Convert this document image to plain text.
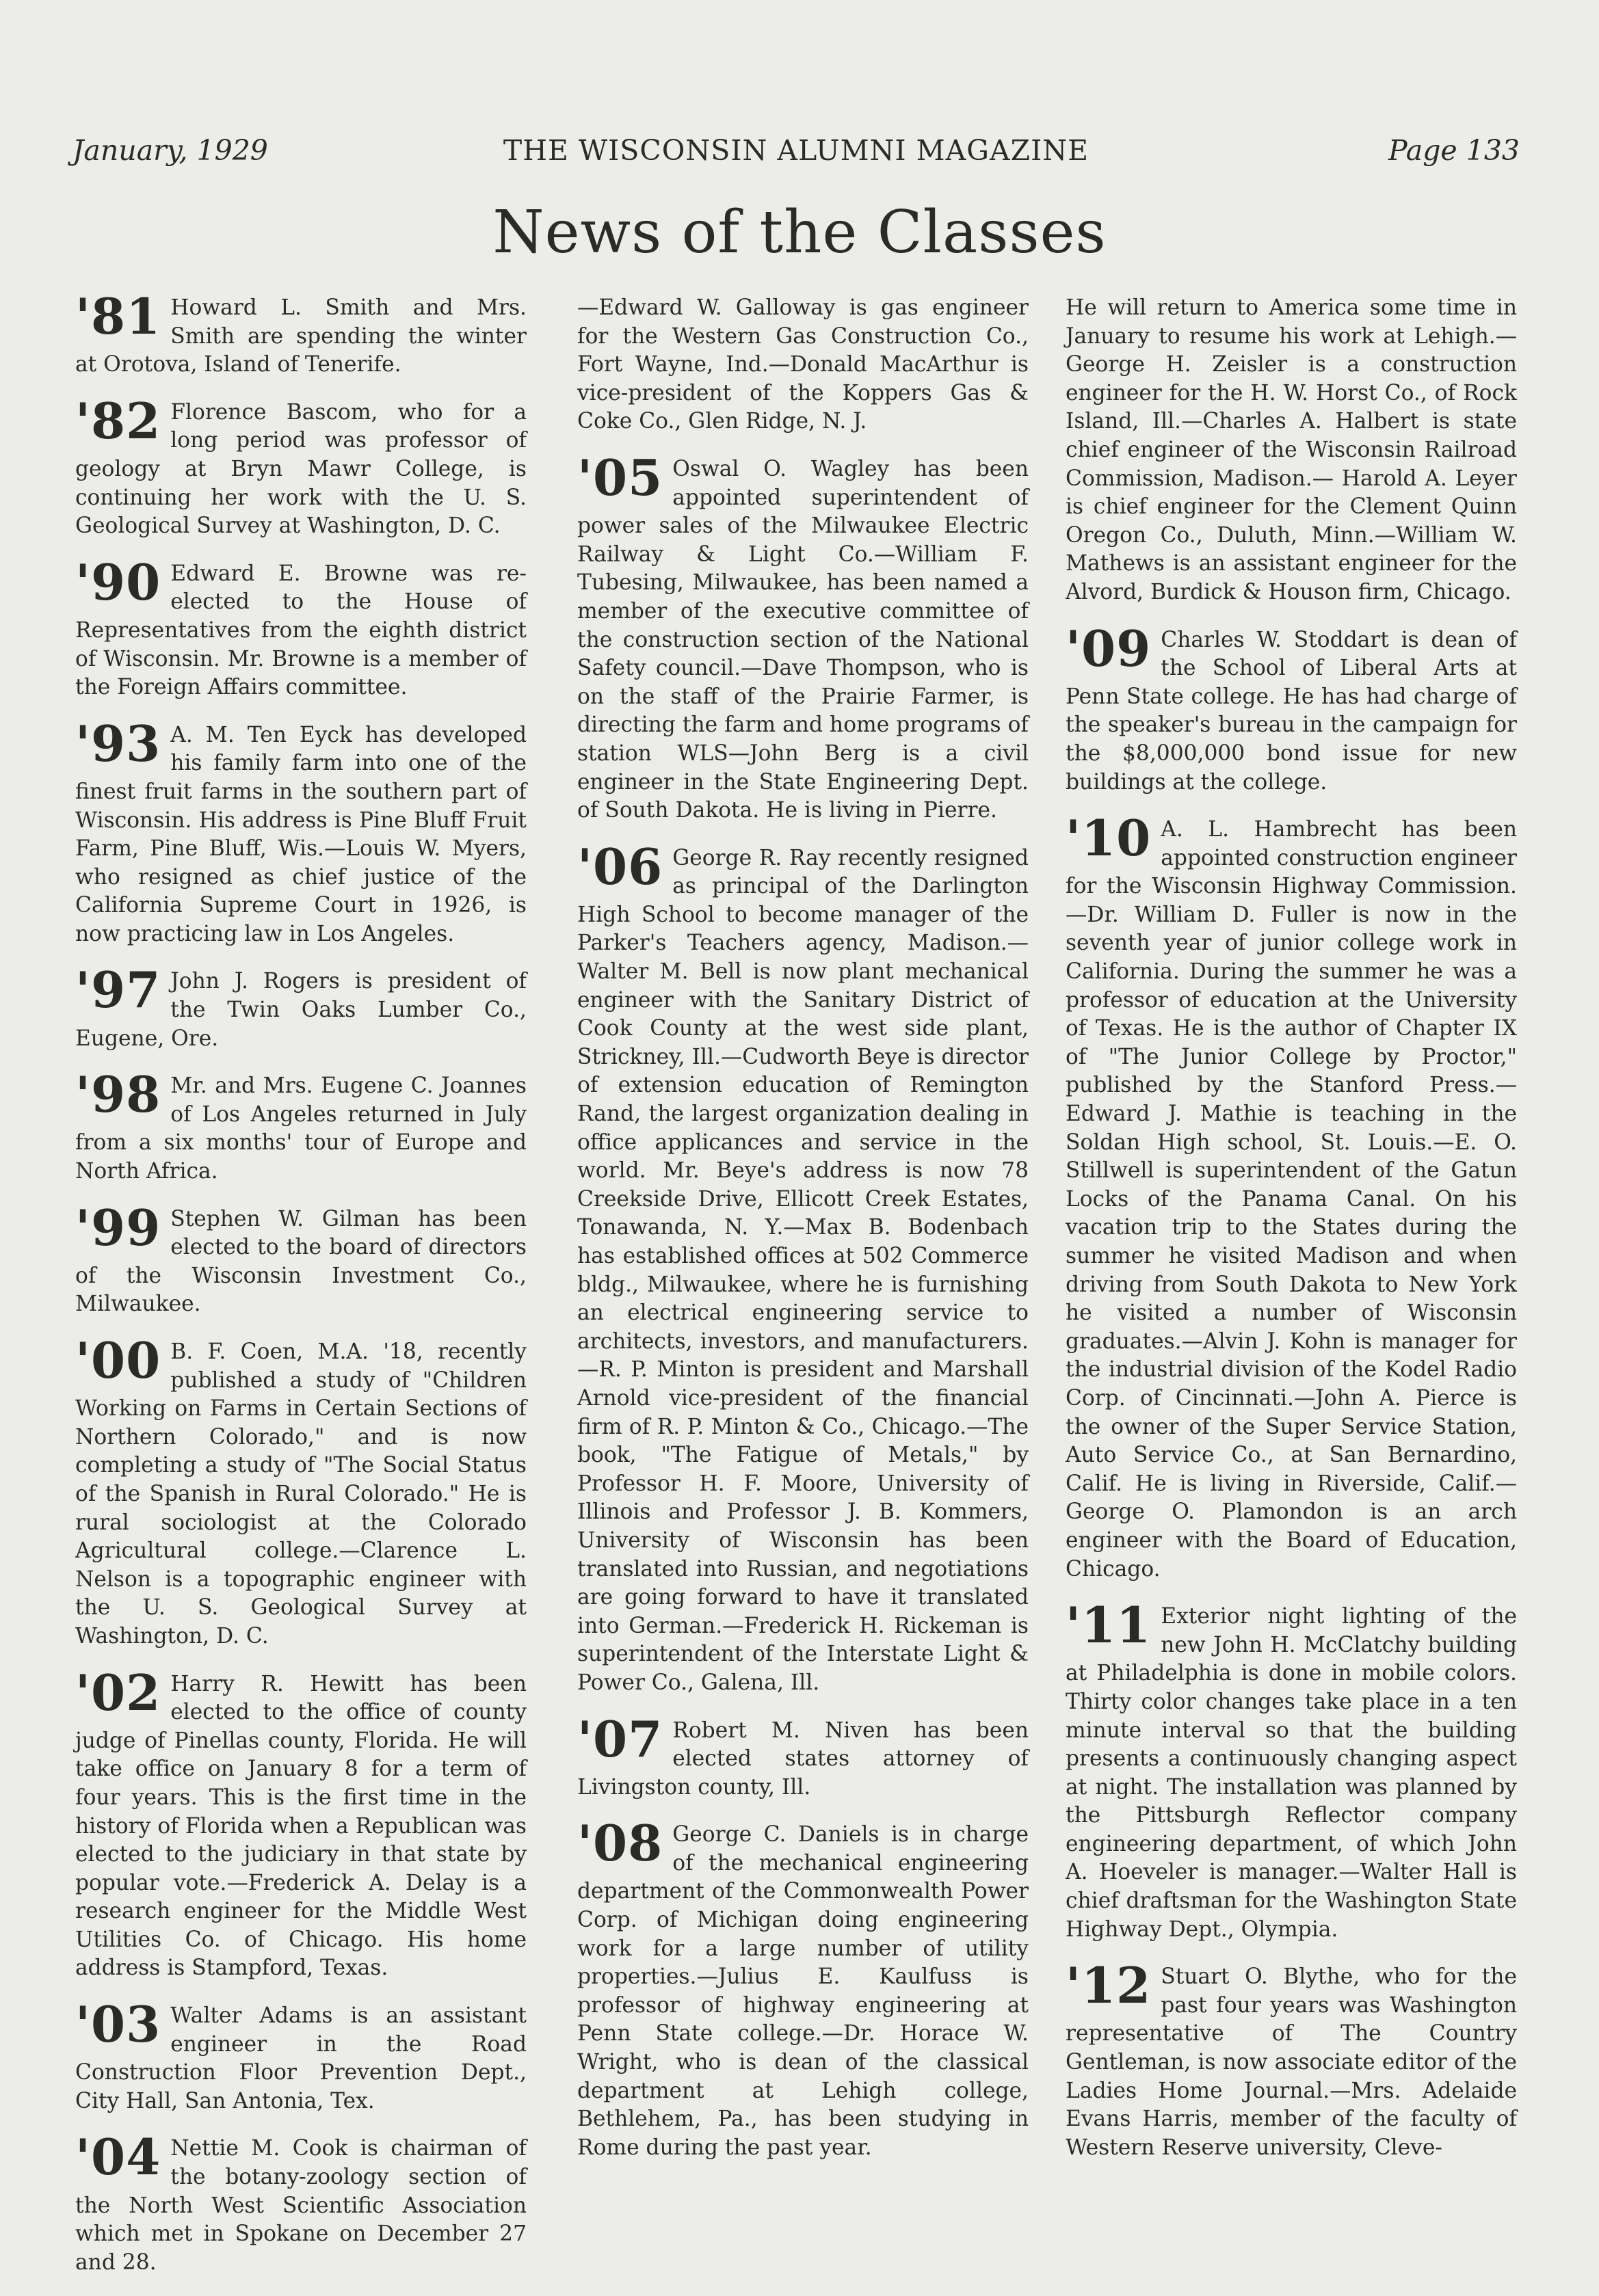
January, 1929	THE WISCONSIN ALUMNI MAGAZINE	Page 133
News of the Classes
'81 Howard L. Smith and Mrs. Smith are spending the winter at Orotova, Island of Tenerife.
'82 Florence Bascom, who for a long period was professor of geology at Bryn Mawr College, is continuing her work with the U. S. Geological Survey at Washington, D. C.
'90 Edward E. Browne was re-elected to the House of Representatives from the eighth district of Wisconsin. Mr. Browne is a member of the Foreign Affairs committee.
'93 A. M. Ten Eyck has developed his family farm into one of the finest fruit farms in the southern part of Wisconsin. His address is Pine Bluff Fruit Farm, Pine Bluff, Wis.—Louis W. Myers, who resigned as chief justice of the California Supreme Court in 1926, is now practicing law in Los Angeles.
'97 John J. Rogers is president of the Twin Oaks Lumber Co., Eugene, Ore.
'98 Mr. and Mrs. Eugene C. Joannes of Los Angeles returned in July from a six months' tour of Europe and North Africa.
'99 Stephen W. Gilman has been elected to the board of directors of the Wisconsin Investment Co., Milwaukee.
'00 B. F. Coen, M.A. '18, recently published a study of "Children Working on Farms in Certain Sections of Northern Colorado," and is now completing a study of "The Social Status of the Spanish in Rural Colorado." He is rural sociologist at the Colorado Agricultural college.—Clarence L. Nelson is a topographic engineer with the U. S. Geological Survey at Washington, D. C.
'02 Harry R. Hewitt has been elected to the office of county judge of Pinellas county, Florida. He will take office on January 8 for a term of four years. This is the first time in the history of Florida when a Republican was elected to the judiciary in that state by popular vote.—Frederick A. Delay is a research engineer for the Middle West Utilities Co. of Chicago. His home address is Stampford, Texas.
'03 Walter Adams is an assistant engineer in the Road Construction Floor Prevention Dept., City Hall, San Antonia, Tex.
'04 Nettie M. Cook is chairman of the botany-zoology section of the North West Scientific Association which met in Spokane on December 27 and 28.
—Edward W. Galloway is gas engineer for the Western Gas Construction Co., Fort Wayne, Ind.—Donald MacArthur is vice-president of the Koppers Gas & Coke Co., Glen Ridge, N. J.
'05 Oswal O. Wagley has been appointed superintendent of power sales of the Milwaukee Electric Railway & Light Co.—William F. Tubesing, Milwaukee, has been named a member of the executive committee of the construction section of the National Safety council.—Dave Thompson, who is on the staff of the Prairie Farmer, is directing the farm and home programs of station WLS—John Berg is a civil engineer in the State Engineering Dept. of South Dakota. He is living in Pierre.
'06 George R. Ray recently resigned as principal of the Darlington High School to become manager of the Parker's Teachers agency, Madison.—Walter M. Bell is now plant mechanical engineer with the Sanitary District of Cook County at the west side plant, Strickney, Ill.—Cudworth Beye is director of extension education of Remington Rand, the largest organization dealing in office applicances and service in the world. Mr. Beye's address is now 78 Creekside Drive, Ellicott Creek Estates, Tonawanda, N. Y.—Max B. Bodenbach has established offices at 502 Commerce bldg., Milwaukee, where he is furnishing an electrical engineering service to architects, investors, and manufacturers.—R. P. Minton is president and Marshall Arnold vice-president of the financial firm of R. P. Minton & Co., Chicago.—The book, "The Fatigue of Metals," by Professor H. F. Moore, University of Illinois and Professor J. B. Kommers, University of Wisconsin has been translated into Russian, and negotiations are going forward to have it translated into German.—Frederick H. Rickeman is superintendent of the Interstate Light & Power Co., Galena, Ill.
'07 Robert M. Niven has been elected states attorney of Livingston county, Ill.
'08 George C. Daniels is in charge of the mechanical engineering department of the Commonwealth Power Corp. of Michigan doing engineering work for a large number of utility properties.—Julius E. Kaulfuss is professor of highway engineering at Penn State college.—Dr. Horace W. Wright, who is dean of the classical department at Lehigh college, Bethlehem, Pa., has been studying in Rome during the past year.
He will return to America some time in January to resume his work at Lehigh.—George H. Zeisler is a construction engineer for the H. W. Horst Co., of Rock Island, Ill.—Charles A. Halbert is state chief engineer of the Wisconsin Railroad Commission, Madison.— Harold A. Leyer is chief engineer for the Clement Quinn Oregon Co., Duluth, Minn.—William W. Mathews is an assistant engineer for the Alvord, Burdick & Houson firm, Chicago.
'09 Charles W. Stoddart is dean of the School of Liberal Arts at Penn State college. He has had charge of the speaker's bureau in the campaign for the $8,000,000 bond issue for new buildings at the college.
'10 A. L. Hambrecht has been appointed construction engineer for the Wisconsin Highway Commission.—Dr. William D. Fuller is now in the seventh year of junior college work in California. During the summer he was a professor of education at the University of Texas. He is the author of Chapter IX of "The Junior College by Proctor," published by the Stanford Press.—Edward J. Mathie is teaching in the Soldan High school, St. Louis.—E. O. Stillwell is superintendent of the Gatun Locks of the Panama Canal. On his vacation trip to the States during the summer he visited Madison and when driving from South Dakota to New York he visited a number of Wisconsin graduates.—Alvin J. Kohn is manager for the industrial division of the Kodel Radio Corp. of Cincinnati.—John A. Pierce is the owner of the Super Service Station, Auto Service Co., at San Bernardino, Calif. He is living in Riverside, Calif.—George O. Plamondon is an arch engineer with the Board of Education, Chicago.
'11 Exterior night lighting of the new John H. McClatchy building at Philadelphia is done in mobile colors. Thirty color changes take place in a ten minute interval so that the building presents a continuously changing aspect at night. The installation was planned by the Pittsburgh Reflector company engineering department, of which John A. Hoeveler is manager.—Walter Hall is chief draftsman for the Washington State Highway Dept., Olympia.
'12 Stuart O. Blythe, who for the past four years was Washington representative of The Country Gentleman, is now associate editor of the Ladies Home Journal.—Mrs. Adelaide Evans Harris, member of the faculty of Western Reserve university, Cleve-
